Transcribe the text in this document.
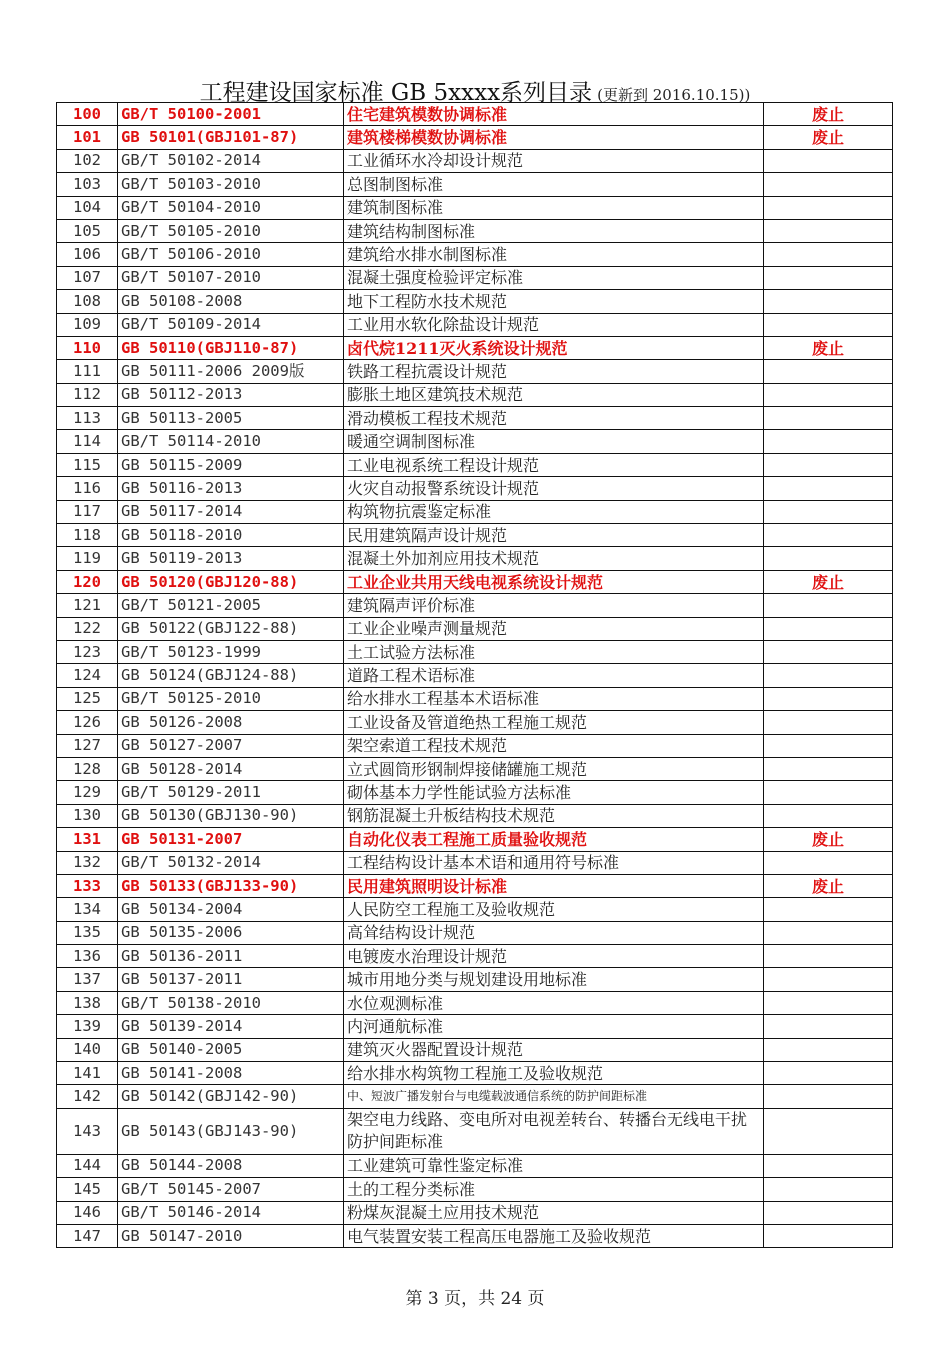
工程建设国家标准 GB 5xxxx系列目录 (更新到 2016.10.15))
100	GB/T 50100-2001	住宅建筑模数协调标准	废止
101	GB 50101(GBJ101-87)	建筑楼梯模数协调标准	废止
102	GB/T 50102-2014	工业循环水冷却设计规范	
103	GB/T 50103-2010	总图制图标准	
104	GB/T 50104-2010	建筑制图标准	
105	GB/T 50105-2010	建筑结构制图标准	
106	GB/T 50106-2010	建筑给水排水制图标准	
107	GB/T 50107-2010	混凝土强度检验评定标准	
108	GB 50108-2008	地下工程防水技术规范	
109	GB/T 50109-2014	工业用水软化除盐设计规范	
110	GB 50110(GBJ110-87)	卤代烷1211灭火系统设计规范	废止
111	GB 50111-2006 2009版	铁路工程抗震设计规范	
112	GB 50112-2013	膨胀土地区建筑技术规范	
113	GB 50113-2005	滑动模板工程技术规范	
114	GB/T 50114-2010	暖通空调制图标准	
115	GB 50115-2009	工业电视系统工程设计规范	
116	GB 50116-2013	火灾自动报警系统设计规范	
117	GB 50117-2014	构筑物抗震鉴定标准	
118	GB 50118-2010	民用建筑隔声设计规范	
119	GB 50119-2013	混凝土外加剂应用技术规范	
120	GB 50120(GBJ120-88)	工业企业共用天线电视系统设计规范	废止
121	GB/T 50121-2005	建筑隔声评价标准	
122	GB 50122(GBJ122-88)	工业企业噪声测量规范	
123	GB/T 50123-1999	土工试验方法标准	
124	GB 50124(GBJ124-88)	道路工程术语标准	
125	GB/T 50125-2010	给水排水工程基本术语标准	
126	GB 50126-2008	工业设备及管道绝热工程施工规范	
127	GB 50127-2007	架空索道工程技术规范	
128	GB 50128-2014	立式圆筒形钢制焊接储罐施工规范	
129	GB/T 50129-2011	砌体基本力学性能试验方法标准	
130	GB 50130(GBJ130-90)	钢筋混凝土升板结构技术规范	
131	GB 50131-2007	自动化仪表工程施工质量验收规范	废止
132	GB/T 50132-2014	工程结构设计基本术语和通用符号标准	
133	GB 50133(GBJ133-90)	民用建筑照明设计标准	废止
134	GB 50134-2004	人民防空工程施工及验收规范	
135	GB 50135-2006	高耸结构设计规范	
136	GB 50136-2011	电镀废水治理设计规范	
137	GB 50137-2011	城市用地分类与规划建设用地标准	
138	GB/T 50138-2010	水位观测标准	
139	GB 50139-2014	内河通航标准	
140	GB 50140-2005	建筑灭火器配置设计规范	
141	GB 50141-2008	给水排水构筑物工程施工及验收规范	
142	GB 50142(GBJ142-90)	中、短波广播发射台与电缆载波通信系统的防护间距标准	
143	GB 50143(GBJ143-90)	架空电力线路、变电所对电视差转台、转播台无线电干扰防护间距标准	
144	GB 50144-2008	工业建筑可靠性鉴定标准	
145	GB/T 50145-2007	土的工程分类标准	
146	GB/T 50146-2014	粉煤灰混凝土应用技术规范	
147	GB 50147-2010	电气装置安装工程高压电器施工及验收规范	
第 3 页，共 24 页
